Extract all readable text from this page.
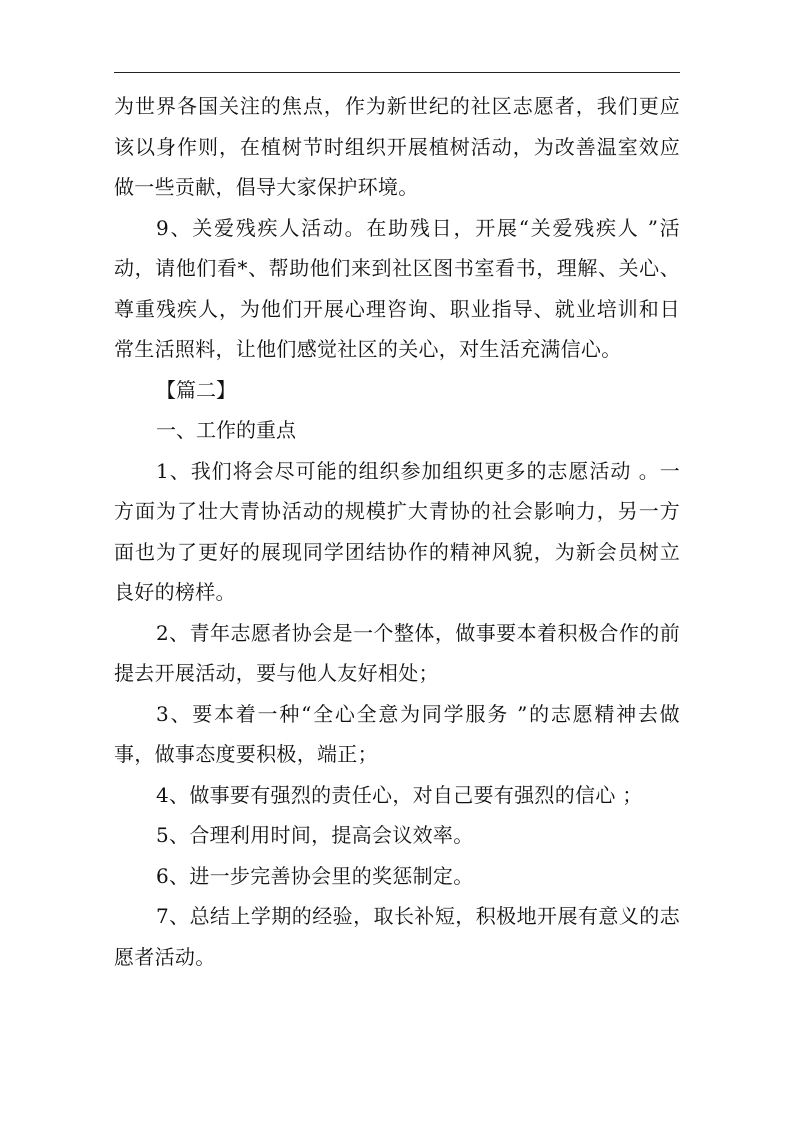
为世界各国关注的焦点，作为新世纪的社区志愿者，我们更应该以身作则，在植树节时组织开展植树活动，为改善温室效应做一些贡献，倡导大家保护环境。

9、关爱残疾人活动。在助残日，开展“关爱残疾人 ”活动，请他们看*、帮助他们来到社区图书室看书，理解、关心、尊重残疾人，为他们开展心理咨询、职业指导、就业培训和日常生活照料，让他们感觉社区的关心，对生活充满信心。

【篇二】

一、工作的重点

1、我们将会尽可能的组织参加组织更多的志愿活动 。一方面为了壮大青协活动的规模扩大青协的社会影响力，另一方面也为了更好的展现同学团结协作的精神风貌，为新会员树立良好的榜样。

2、青年志愿者协会是一个整体，做事要本着积极合作的前提去开展活动，要与他人友好相处；

3、要本着一种“全心全意为同学服务 ”的志愿精神去做事，做事态度要积极，端正；

4、做事要有强烈的责任心，对自己要有强烈的信心 ；

5、合理利用时间，提高会议效率。

6、进一步完善协会里的奖惩制定。

7、总结上学期的经验，取长补短，积极地开展有意义的志愿者活动。
